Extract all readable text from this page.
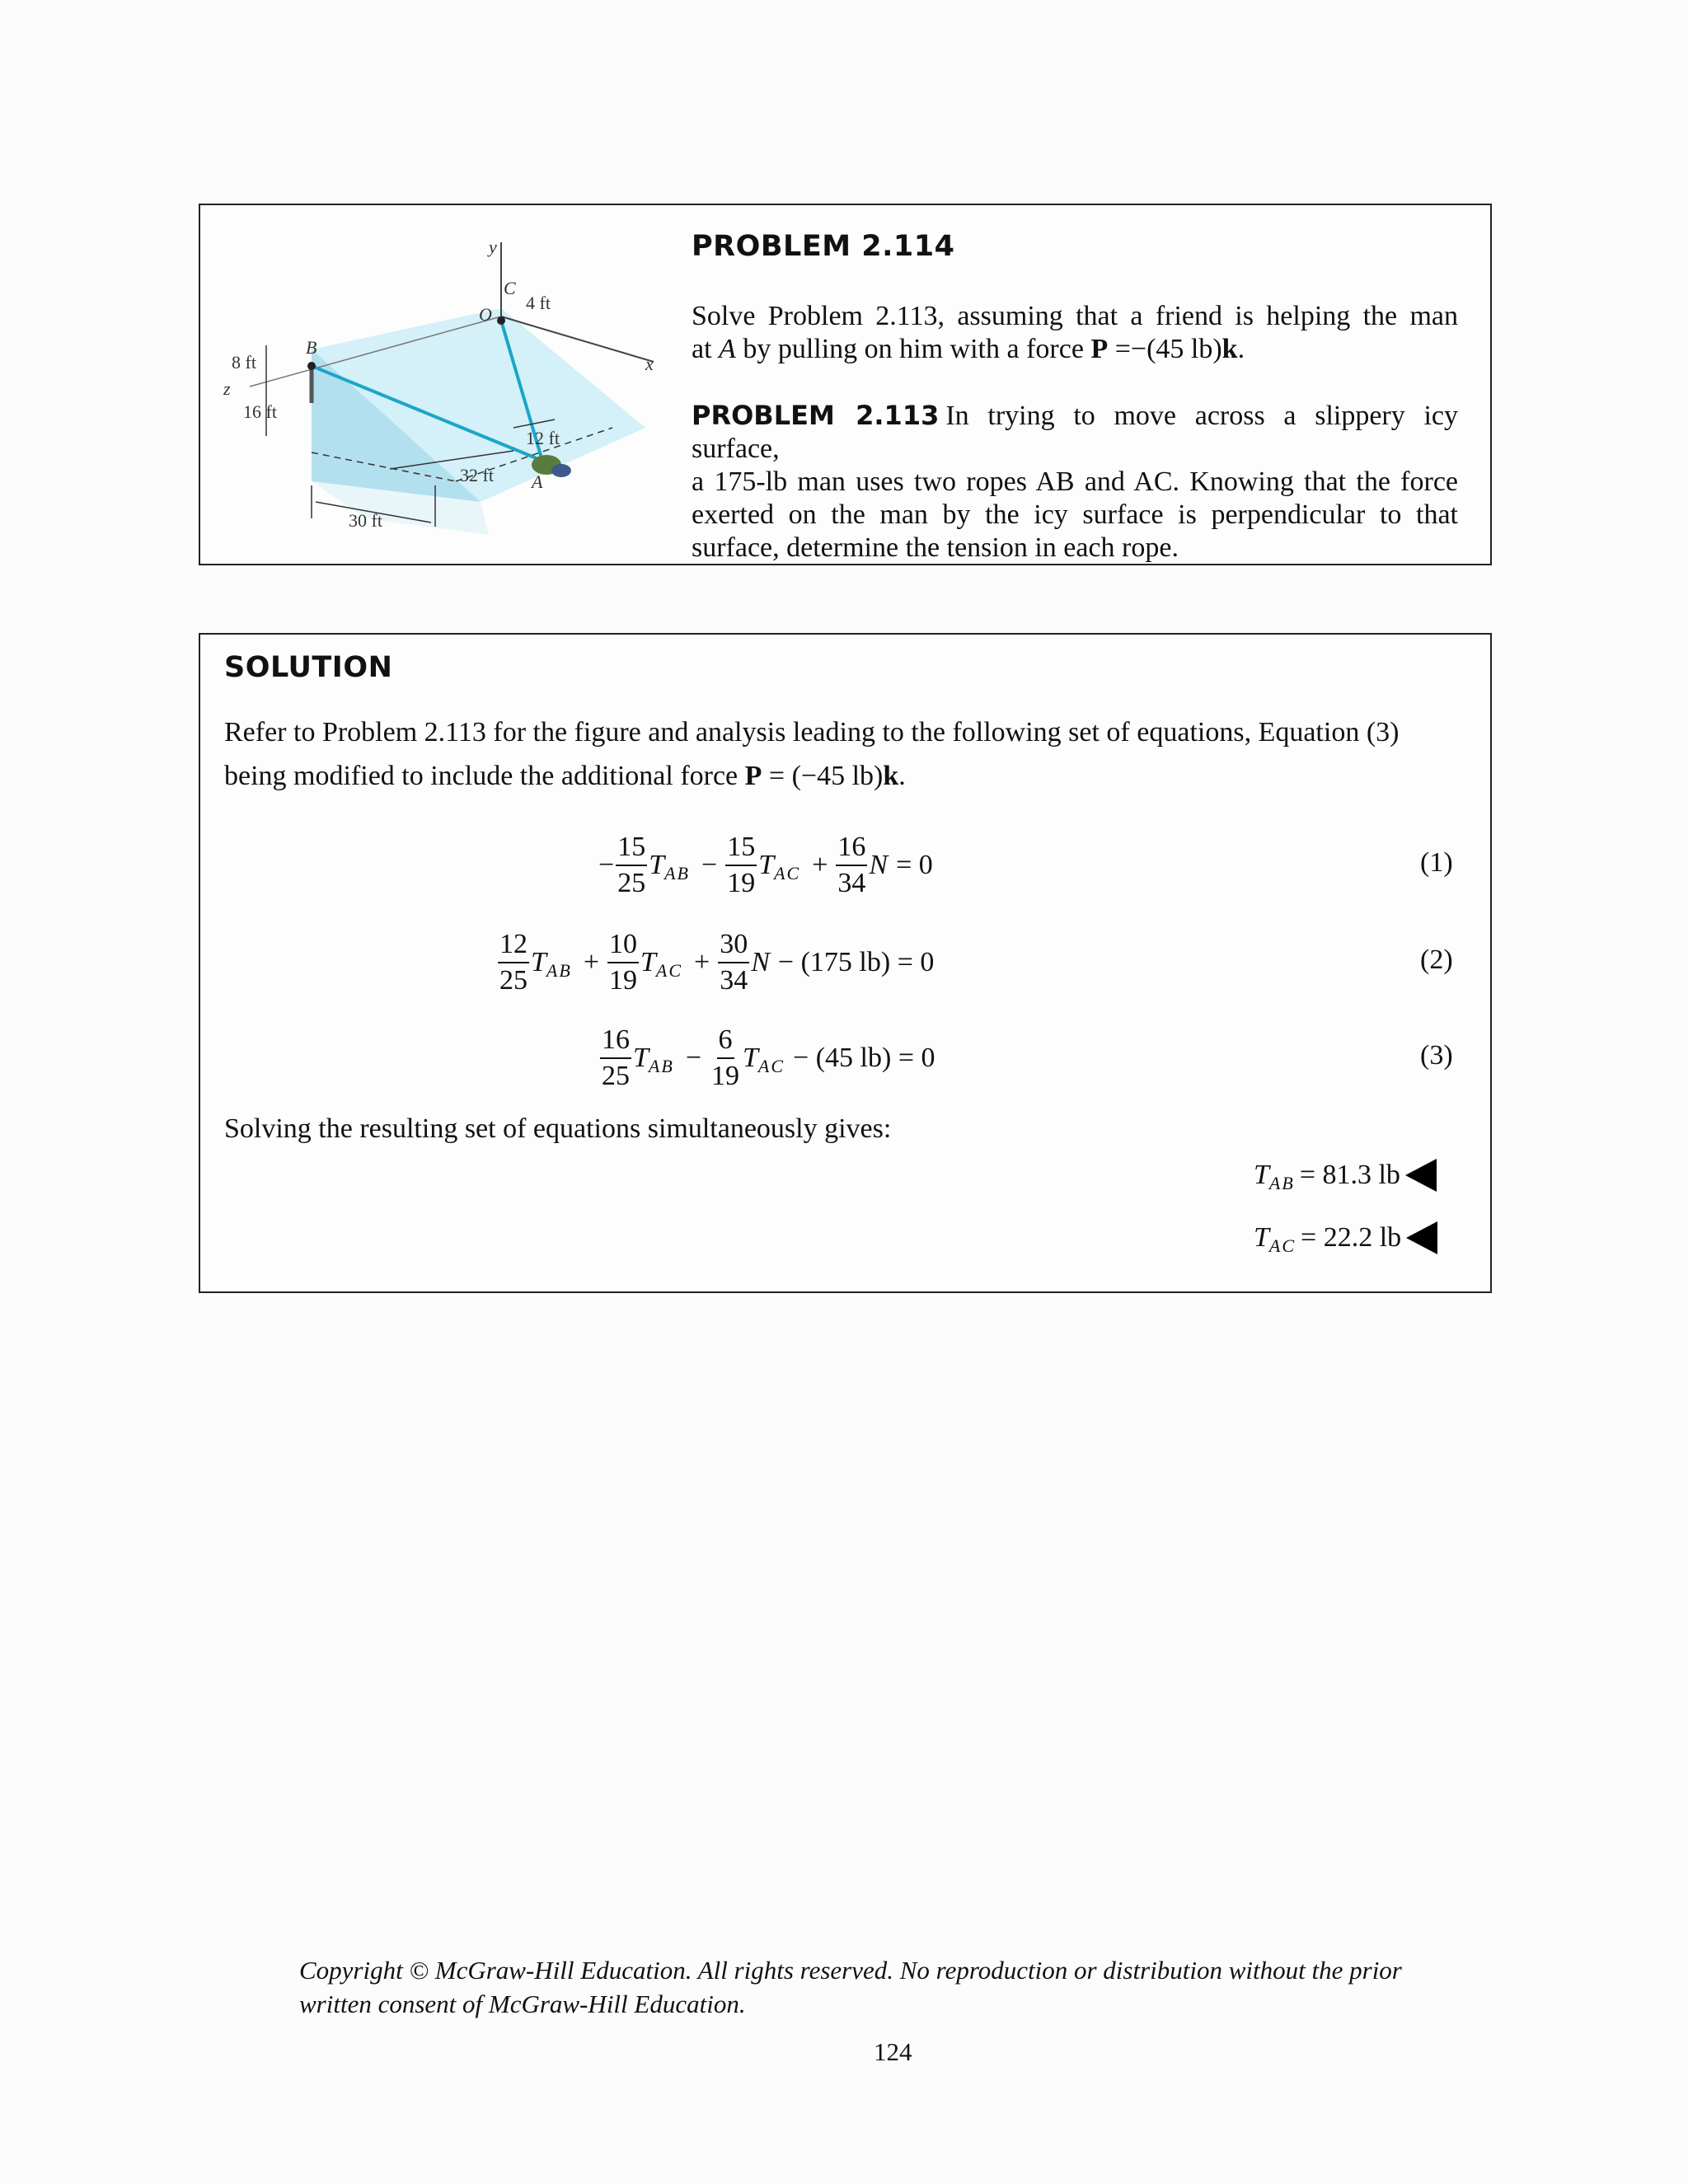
y
x
z
C
O
B
A
4 ft
8 ft
16 ft
12 ft
32 ft
30 ft
PROBLEM 2.114
Solve Problem 2.113, assuming that a friend is helping the man
at A by pulling on him with a force P =−(45 lb)k.
PROBLEM 2.113 In trying to move across a slippery icy surface,
a 175-lb man uses two ropes AB and AC. Knowing that the force
exerted on the man by the icy surface is perpendicular to that
surface, determine the tension in each rope.
SOLUTION
Refer to Problem 2.113 for the figure and analysis leading to the following set of equations, Equation (3)
being modified to include the additional force P = (−45 lb)k.
− $\frac{15}{25}$ T AB − $\frac{15}{19}$ T AC + $\frac{16}{34}$ N = 0	(1)
$\frac{12}{25}$ T AB + $\frac{10}{19}$ T AC + $\frac{30}{34}$ N − (175 lb) = 0	(2)
$\frac{16}{25}$ T AB − $\frac{6}{19}$ T AC − (45 lb) = 0	(3)
Solving the resulting set of equations simultaneously gives:
T AB = 81.3 lb
T AC = 22.2 lb
Copyright © McGraw-Hill Education. All rights reserved. No reproduction or distribution without the prior
written consent of McGraw-Hill Education.
124
